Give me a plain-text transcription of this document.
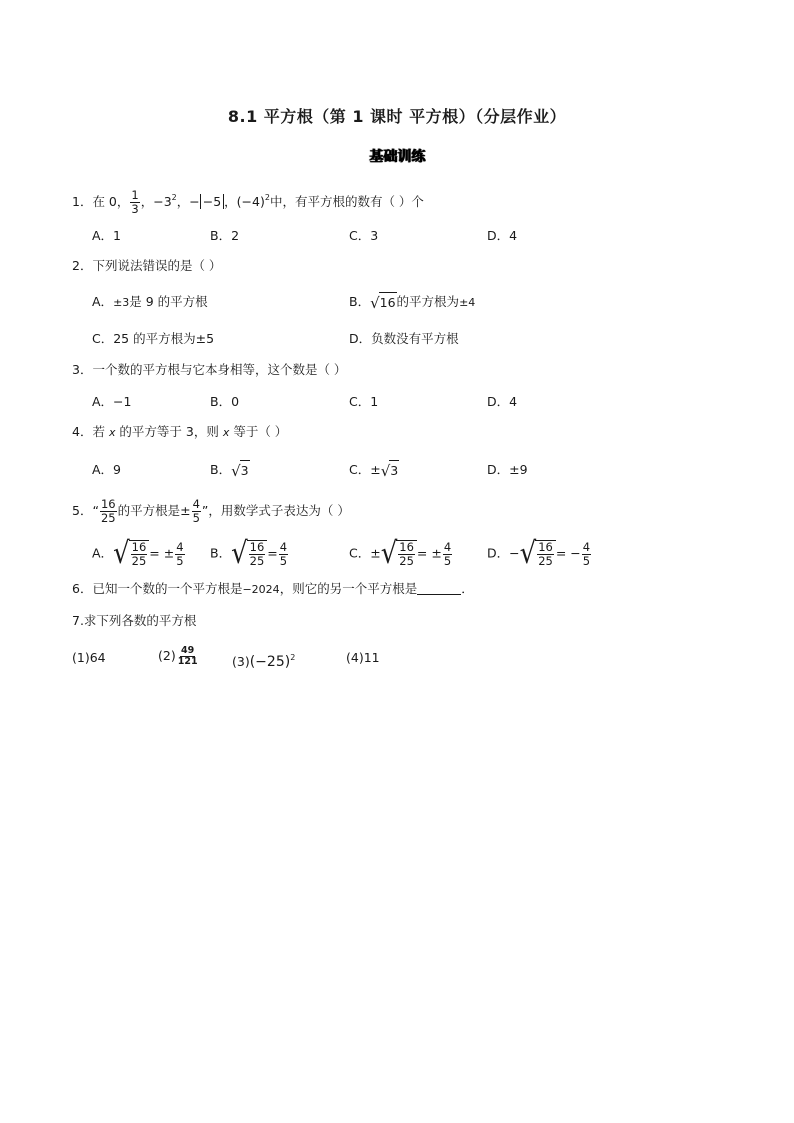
8.1 平方根（第 1 课时 平方根）（分层作业）
基础训练
1．在 0， $\frac{1}{3}$ ，$-3^2$，− −5 ，$(-4)^2$中，有平方根的数有（ ）个
A．1	B．2	C．3	D．4
2．下列说法错误的是（ ）
A．±3是 9 的平方根	B． √ 16 的平方根为±4
C．25 的平方根为±5	D．负数没有平方根
3．一个数的平方根与它本身相等，这个数是（ ）
A．−1	B．0	C．1	D．4
4．若 x 的平方等于 3，则 x 等于（ ）
A．9	B． √ 3	C．± √ 3	D．±9
5．“ $\frac{16}{25}$ 的平方根是± $\frac{4}{5}$ ”，用数学式子表达为（ ）
A． √ $\frac{16}{25}$ = ± $\frac{4}{5}$ B． √ $\frac{16}{25} = \frac{4}{5}$	C．± √ $\frac{16}{25}$ = ± $\frac{4}{5}$	D．− √ $\frac{16}{25}$ = − $\frac{4}{5}$
6．已知一个数的一个平方根是−2024，则它的另一个平方根是	．
7.求下列各数的平方根
(1)64	$(2) \frac{49}{121}$	$(3)(-25)^2$	(4)11
